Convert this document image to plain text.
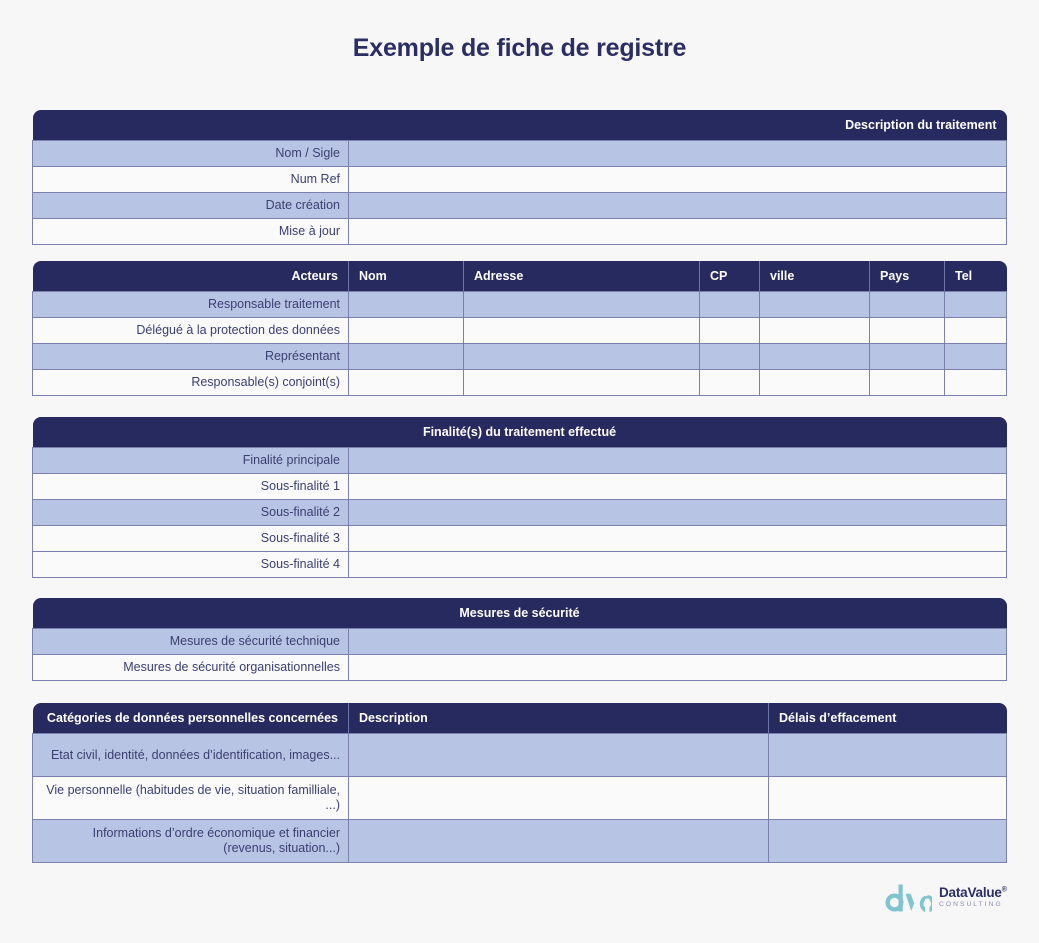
Exemple de fiche de registre
Description du traitement	
Nom / Sigle	
Num Ref	
Date création	
Mise à jour	
Acteurs	Nom	Adresse	CP	ville	Pays	Tel
Responsable traitement						
Délégué à la protection des données						
Représentant						
Responsable(s) conjoint(s)						
Finalité(s) du traitement effectué	
Finalité principale	
Sous-finalité 1	
Sous-finalité 2	
Sous-finalité 3	
Sous-finalité 4	
Mesures de sécurité	
Mesures de sécurité technique	
Mesures de sécurité organisationnelles	
Catégories de données personnelles concernées	Description	Délais d’effacement
Etat civil, identité, données d’identification, images...		
Vie personnelle (habitudes de vie, situation familliale, ...)		
Informations d’ordre économique et financier (revenus, situation...)		
DataValue®
CONSULTING
